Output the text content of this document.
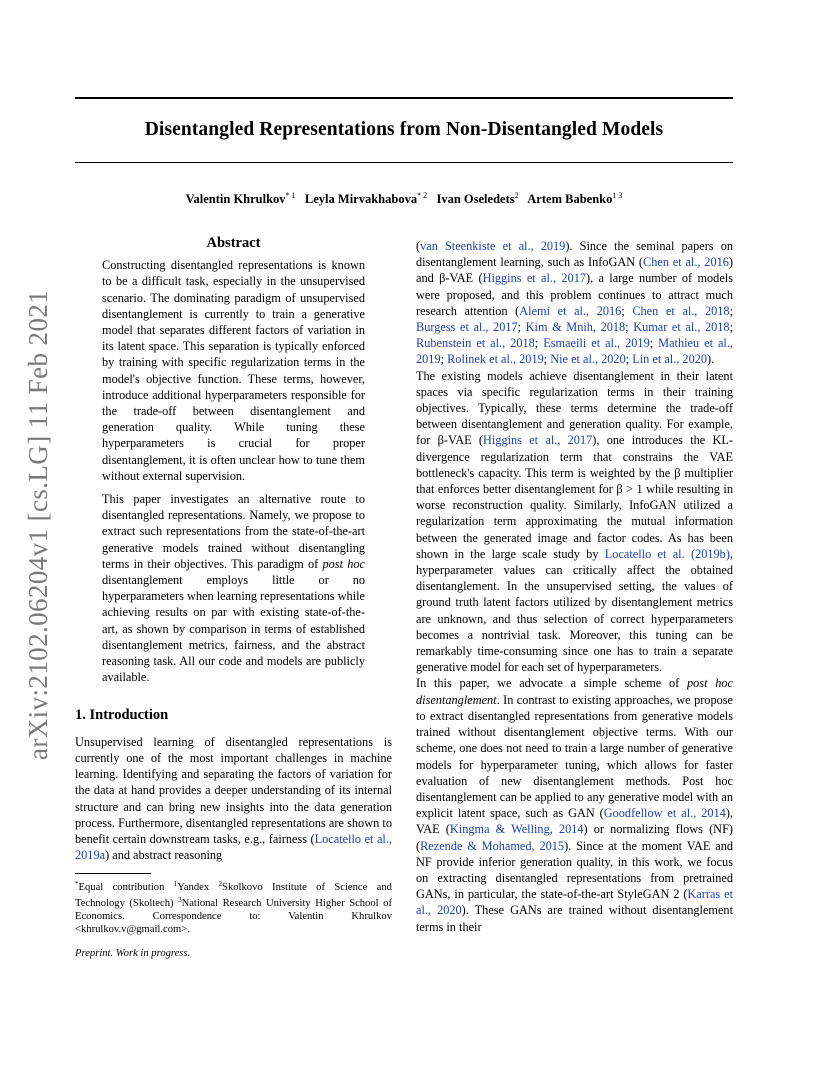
Disentangled Representations from Non-Disentangled Models
Valentin Khrulkov$^{* 1}$ Leyla Mirvakhabova$^{* 2}$ Ivan Oseledets$^2$ Artem Babenko$^{1 3}$
arXiv:2102.06204v1 [cs.LG] 11 Feb 2021
Abstract

Constructing disentangled representations is known to be a difficult task, especially in the unsupervised scenario. The dominating paradigm of unsupervised disentanglement is currently to train a generative model that separates different factors of variation in its latent space. This separation is typically enforced by training with specific regularization terms in the model's objective function. These terms, however, introduce additional hyperparameters responsible for the trade-off between disentanglement and generation quality. While tuning these hyperparameters is crucial for proper disentanglement, it is often unclear how to tune them without external supervision.

This paper investigates an alternative route to disentangled representations. Namely, we propose to extract such representations from the state-of-the-art generative models trained without disentangling terms in their objectives. This paradigm of post hoc disentanglement employs little or no hyperparameters when learning representations while achieving results on par with existing state-of-the-art, as shown by comparison in terms of established disentanglement metrics, fairness, and the abstract reasoning task. All our code and models are publicly available.

1. Introduction

Unsupervised learning of disentangled representations is currently one of the most important challenges in machine learning. Identifying and separating the factors of variation for the data at hand provides a deeper understanding of its internal structure and can bring new insights into the data generation process. Furthermore, disentangled representations are shown to benefit certain downstream tasks, e.g., fairness (Locatello et al., 2019a) and abstract reasoning

*Equal contribution $^1$Yandex $^2$Skolkovo Institute of Science and Technology (Skoltech) $^3$National Research University Higher School of Economics. Correspondence to: Valentin Khrulkov <khrulkov.v@gmail.com>.

Preprint. Work in progress.

(van Steenkiste et al., 2019). Since the seminal papers on disentanglement learning, such as InfoGAN (Chen et al., 2016) and β-VAE (Higgins et al., 2017), a large number of models were proposed, and this problem continues to attract much research attention (Alemi et al., 2016; Chen et al., 2018; Burgess et al., 2017; Kim & Mnih, 2018; Kumar et al., 2018; Rubenstein et al., 2018; Esmaeili et al., 2019; Mathieu et al., 2019; Rolinek et al., 2019; Nie et al., 2020; Lin et al., 2020).

The existing models achieve disentanglement in their latent spaces via specific regularization terms in their training objectives. Typically, these terms determine the trade-off between disentanglement and generation quality. For example, for β-VAE (Higgins et al., 2017), one introduces the KL-divergence regularization term that constrains the VAE bottleneck's capacity. This term is weighted by the β multiplier that enforces better disentanglement for β > 1 while resulting in worse reconstruction quality. Similarly, InfoGAN utilized a regularization term approximating the mutual information between the generated image and factor codes. As has been shown in the large scale study by Locatello et al. (2019b), hyperparameter values can critically affect the obtained disentanglement. In the unsupervised setting, the values of ground truth latent factors utilized by disentanglement metrics are unknown, and thus selection of correct hyperparameters becomes a nontrivial task. Moreover, this tuning can be remarkably time-consuming since one has to train a separate generative model for each set of hyperparameters.

In this paper, we advocate a simple scheme of post hoc disentanglement. In contrast to existing approaches, we propose to extract disentangled representations from generative models trained without disentanglement objective terms. With our scheme, one does not need to train a large number of generative models for hyperparameter tuning, which allows for faster evaluation of new disentanglement methods. Post hoc disentanglement can be applied to any generative model with an explicit latent space, such as GAN (Goodfellow et al., 2014), VAE (Kingma & Welling, 2014) or normalizing flows (NF) (Rezende & Mohamed, 2015). Since at the moment VAE and NF provide inferior generation quality, in this work, we focus on extracting disentangled representations from pretrained GANs, in particular, the state-of-the-art StyleGAN 2 (Karras et al., 2020). These GANs are trained without disentanglement terms in their
